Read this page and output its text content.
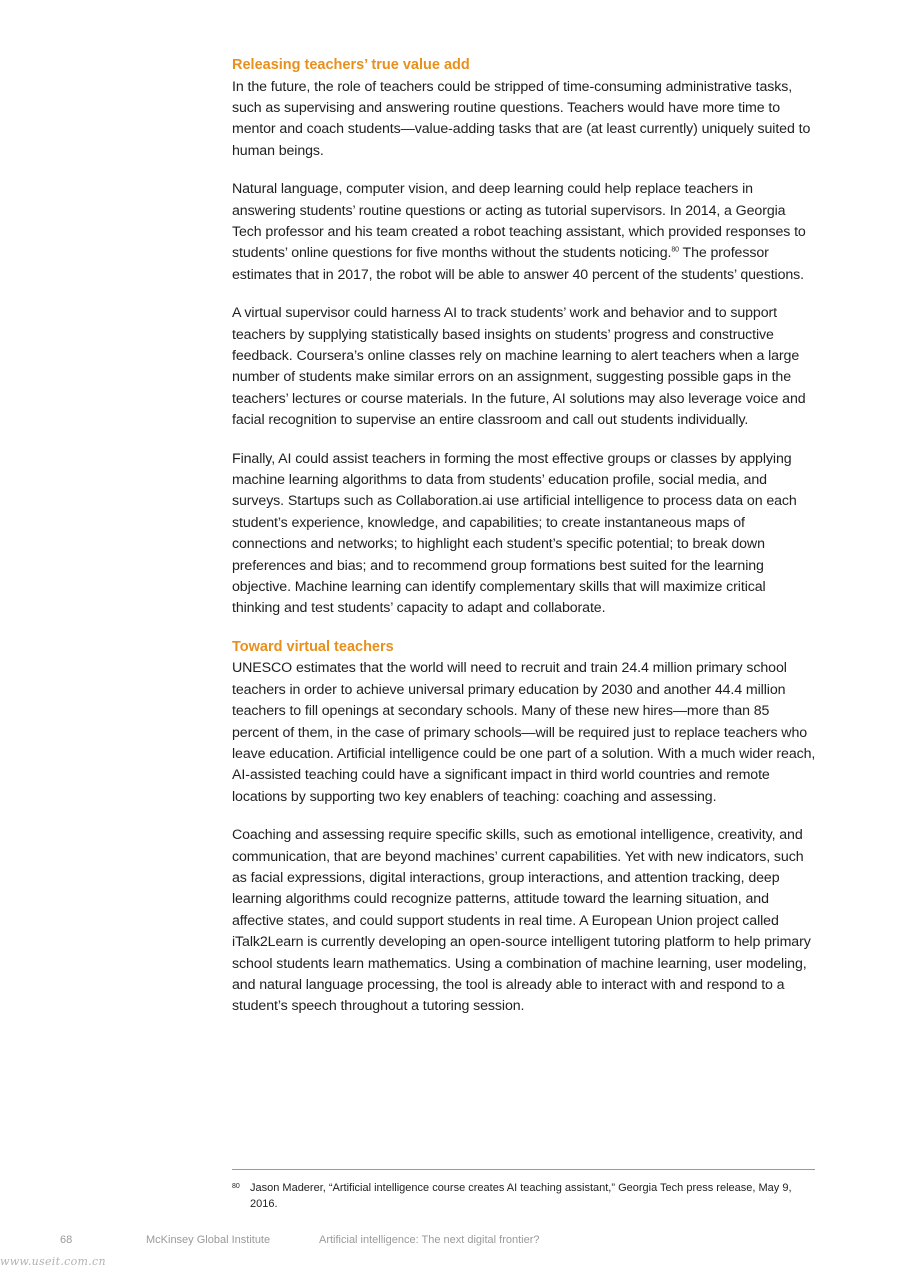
Releasing teachers’ true value add

In the future, the role of teachers could be stripped of time-consuming administrative tasks, such as supervising and answering routine questions. Teachers would have more time to mentor and coach students—value-adding tasks that are (at least currently) uniquely suited to human beings.

Natural language, computer vision, and deep learning could help replace teachers in answering students’ routine questions or acting as tutorial supervisors. In 2014, a Georgia Tech professor and his team created a robot teaching assistant, which provided responses to students’ online questions for five months without the students noticing.$^{80}$ The professor estimates that in 2017, the robot will be able to answer 40 percent of the students’ questions.

A virtual supervisor could harness AI to track students’ work and behavior and to support teachers by supplying statistically based insights on students’ progress and constructive feedback. Coursera’s online classes rely on machine learning to alert teachers when a large number of students make similar errors on an assignment, suggesting possible gaps in the teachers’ lectures or course materials. In the future, AI solutions may also leverage voice and facial recognition to supervise an entire classroom and call out students individually.

Finally, AI could assist teachers in forming the most effective groups or classes by applying machine learning algorithms to data from students’ education profile, social media, and surveys. Startups such as Collaboration.ai use artificial intelligence to process data on each student’s experience, knowledge, and capabilities; to create instantaneous maps of connections and networks; to highlight each student’s specific potential; to break down preferences and bias; and to recommend group formations best suited for the learning objective. Machine learning can identify complementary skills that will maximize critical thinking and test students’ capacity to adapt and collaborate.

Toward virtual teachers

UNESCO estimates that the world will need to recruit and train 24.4 million primary school teachers in order to achieve universal primary education by 2030 and another 44.4 million teachers to fill openings at secondary schools. Many of these new hires—more than 85 percent of them, in the case of primary schools—will be required just to replace teachers who leave education. Artificial intelligence could be one part of a solution. With a much wider reach, AI-assisted teaching could have a significant impact in third world countries and remote locations by supporting two key enablers of teaching: coaching and assessing.

Coaching and assessing require specific skills, such as emotional intelligence, creativity, and communication, that are beyond machines’ current capabilities. Yet with new indicators, such as facial expressions, digital interactions, group interactions, and attention tracking, deep learning algorithms could recognize patterns, attitude toward the learning situation, and affective states, and could support students in real time. A European Union project called iTalk2Learn is currently developing an open-source intelligent tutoring platform to help primary school students learn mathematics. Using a combination of machine learning, user modeling, and natural language processing, the tool is already able to interact with and respond to a student’s speech throughout a tutoring session.

80 Jason Maderer, “Artificial intelligence course creates AI teaching assistant,” Georgia Tech press release, May 9, 2016.
68	McKinsey Global Institute	Artificial intelligence: The next digital frontier?
www.useit.com.cn
